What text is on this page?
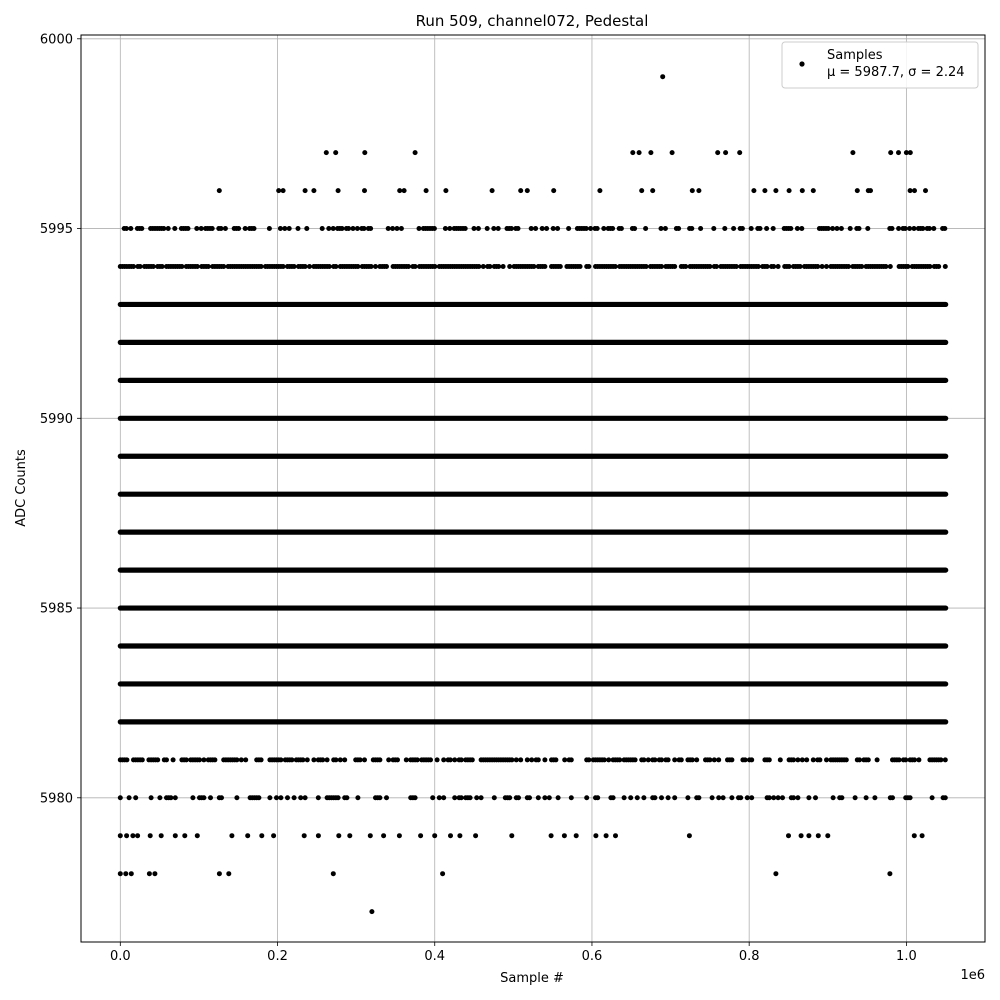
Run 509, channel072, Pedestal
0.0	0.2	0.4	0.6	0.8	1.0
5980
5985
5990
5995
6000
Sample #
ADC Counts
1e6
Samples
μ = 5987.7, σ = 2.24
